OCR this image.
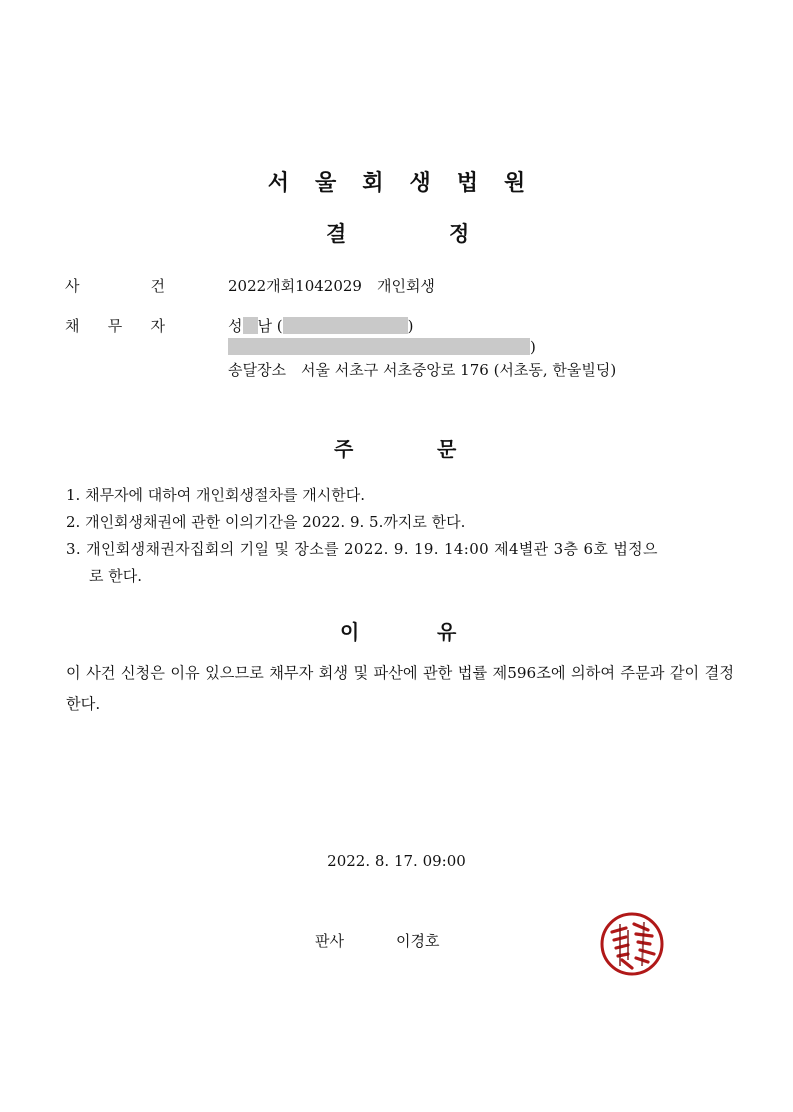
서울회생법원
결	정
사	건	2022개회1042029　개인회생
채 무 자	성 남 (	)
)
송달장소　서울 서초구 서초중앙로 176 (서초동, 한울빌딩)
주	문
1. 채무자에 대하여 개인회생절차를 개시한다.
2. 개인회생채권에 관한 이의기간을 2022. 9. 5.까지로 한다.
3. 개인회생채권자집회의 기일 및 장소를 2022. 9. 19. 14:00 제4별관 3층 6호 법정으
로 한다.
이	유
이 사건 신청은 이유 있으므로 채무자 회생 및 파산에 관한 법률 제596조에 의하여 주문과 같이 결정한다.
2022. 8. 17. 09:00
판사	이경호
